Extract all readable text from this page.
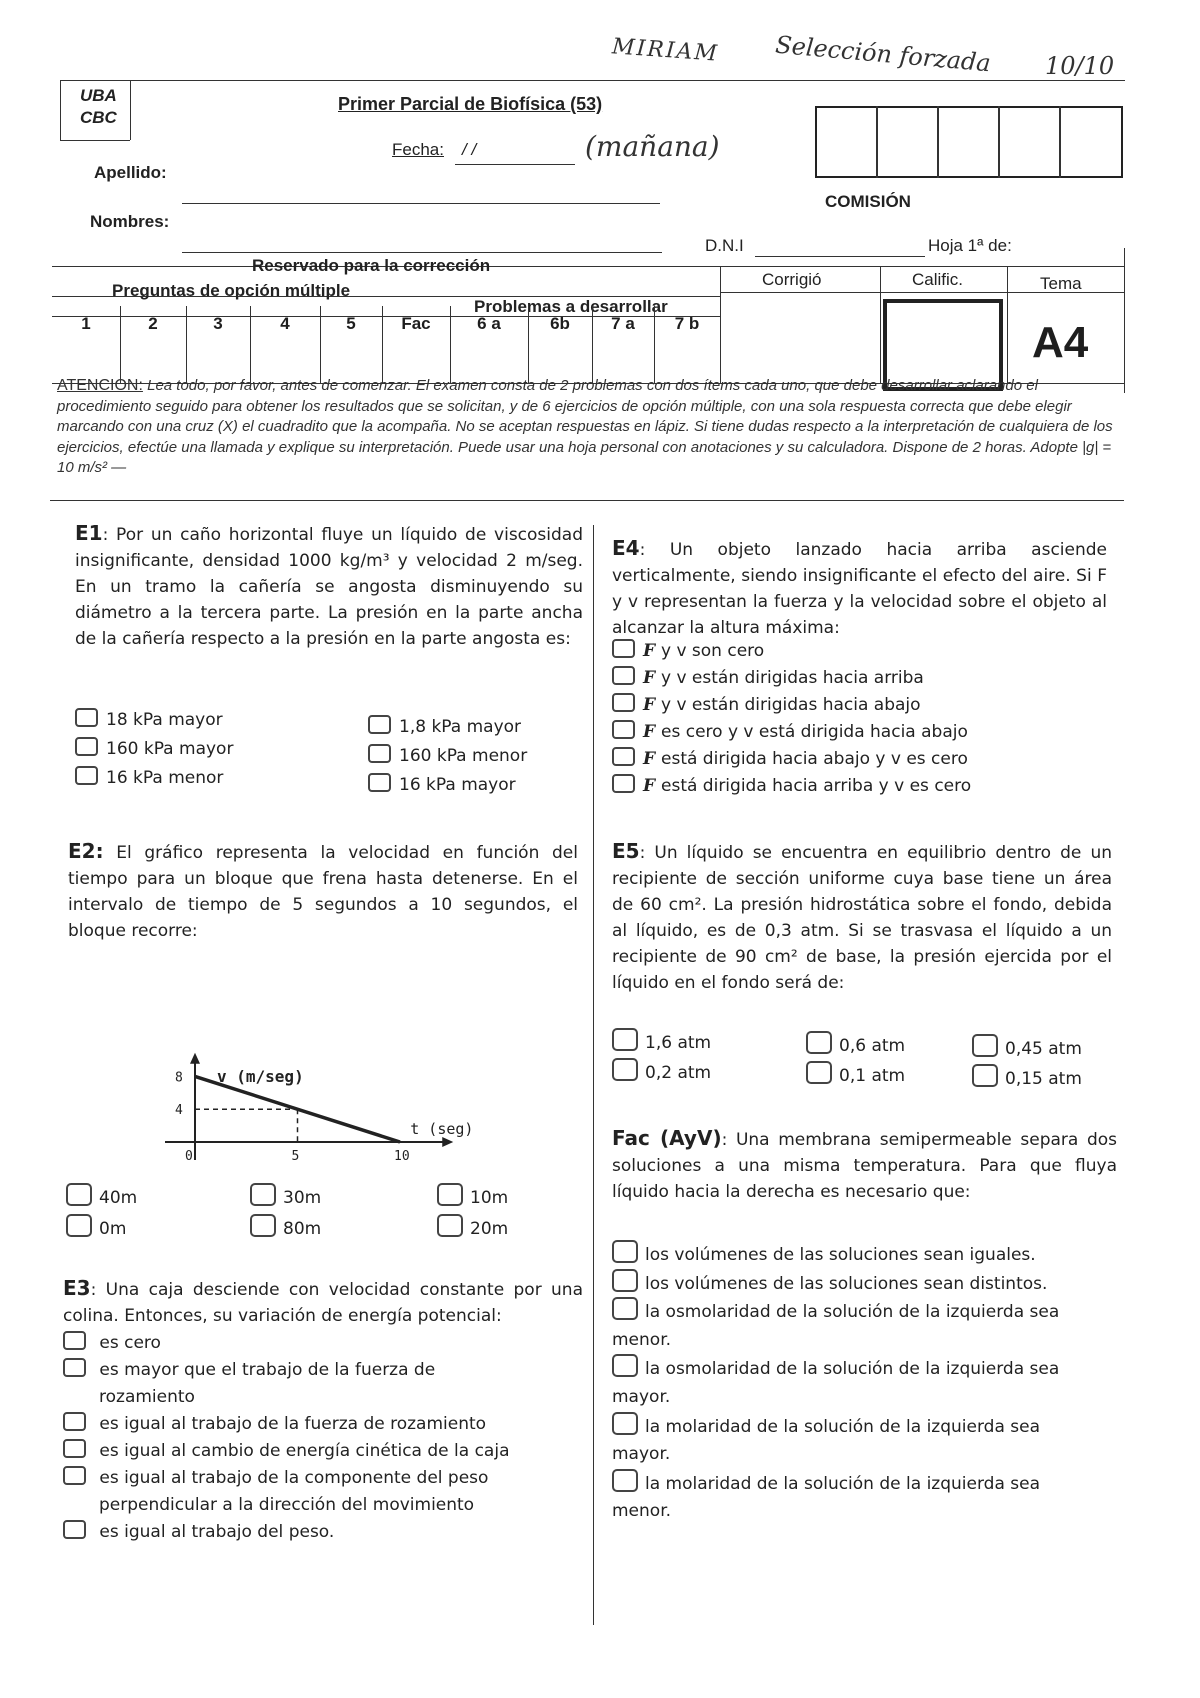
MIRIAM Selección forzada 10/10
(mañana)
UBA
CBC
Primer Parcial de Biofísica (53)
Fecha: / /
COMISIÓN
Apellido:
Nombres:
D.N.I	Hoja 1ª de:
Reservado para la corrección
Preguntas de opción múltiple
Problemas a desarrollar
1	2	3	4	5	Fac	6 a	6b	7 a	7 b
Corrigió	Calific.	Tema
A4
ATENCION: Lea todo, por favor, antes de comenzar. El examen consta de 2 problemas con dos ítems cada uno, que debe desarrollar aclarando el procedimiento seguido para obtener los resultados que se solicitan, y de 6 ejercicios de opción múltiple, con una sola respuesta correcta que debe elegir marcando con una cruz (X) el cuadradito que la acompaña. No se aceptan respuestas en lápiz. Si tiene dudas respecto a la interpretación de cualquiera de los ejercicios, efectúe una llamada y explique su interpretación. Puede usar una hoja personal con anotaciones y su calculadora. Dispone de 2 horas. Adopte |g| = 10 m/s² —
E1: Por un caño horizontal fluye un líquido de viscosidad insignificante, densidad 1000 kg/m³ y velocidad 2 m/seg. En un tramo la cañería se angosta disminuyendo su diámetro a la tercera parte. La presión en la parte ancha de la cañería respecto a la presión en la parte angosta es:
18 kPa mayor
160 kPa mayor
16 kPa menor
1,8 kPa mayor
160 kPa menor
16 kPa mayor
E2: El gráfico representa la velocidad en función del tiempo para un bloque que frena hasta detenerse. En el intervalo de tiempo de 5 segundos a 10 segundos, el bloque recorre:
0	5	10
4
8 v (m/seg)
t (seg)
40m
0m
30m
80m
10m
20m
E3: Una caja desciende con velocidad constante por una colina. Entonces, su variación de energía potencial:
es cero
es mayor que el trabajo de la fuerza de
rozamiento
es igual al trabajo de la fuerza de rozamiento
es igual al cambio de energía cinética de la caja
es igual al trabajo de la componente del peso
perpendicular a la dirección del movimiento
es igual al trabajo del peso.
E4: Un objeto lanzado hacia arriba asciende verticalmente, siendo insignificante el efecto del aire. Si F y v representan la fuerza y la velocidad sobre el objeto al alcanzar la altura máxima:
F y v son cero
F y v están dirigidas hacia arriba
F y v están dirigidas hacia abajo
F es cero y v está dirigida hacia abajo
F está dirigida hacia abajo y v es cero
F está dirigida hacia arriba y v es cero
E5: Un líquido se encuentra en equilibrio dentro de un recipiente de sección uniforme cuya base tiene un área de 60 cm². La presión hidrostática sobre el fondo, debida al líquido, es de 0,3 atm. Si se trasvasa el líquido a un recipiente de 90 cm² de base, la presión ejercida por el líquido en el fondo será de:
1,6 atm
0,2 atm
0,6 atm
0,1 atm
0,45 atm
0,15 atm
Fac (AyV): Una membrana semipermeable separa dos soluciones a una misma temperatura. Para que fluya líquido hacia la derecha es necesario que:
los volúmenes de las soluciones sean iguales.
los volúmenes de las soluciones sean distintos.
la osmolaridad de la solución de la izquierda sea
menor.
la osmolaridad de la solución de la izquierda sea
mayor.
la molaridad de la solución de la izquierda sea
mayor.
la molaridad de la solución de la izquierda sea
menor.
